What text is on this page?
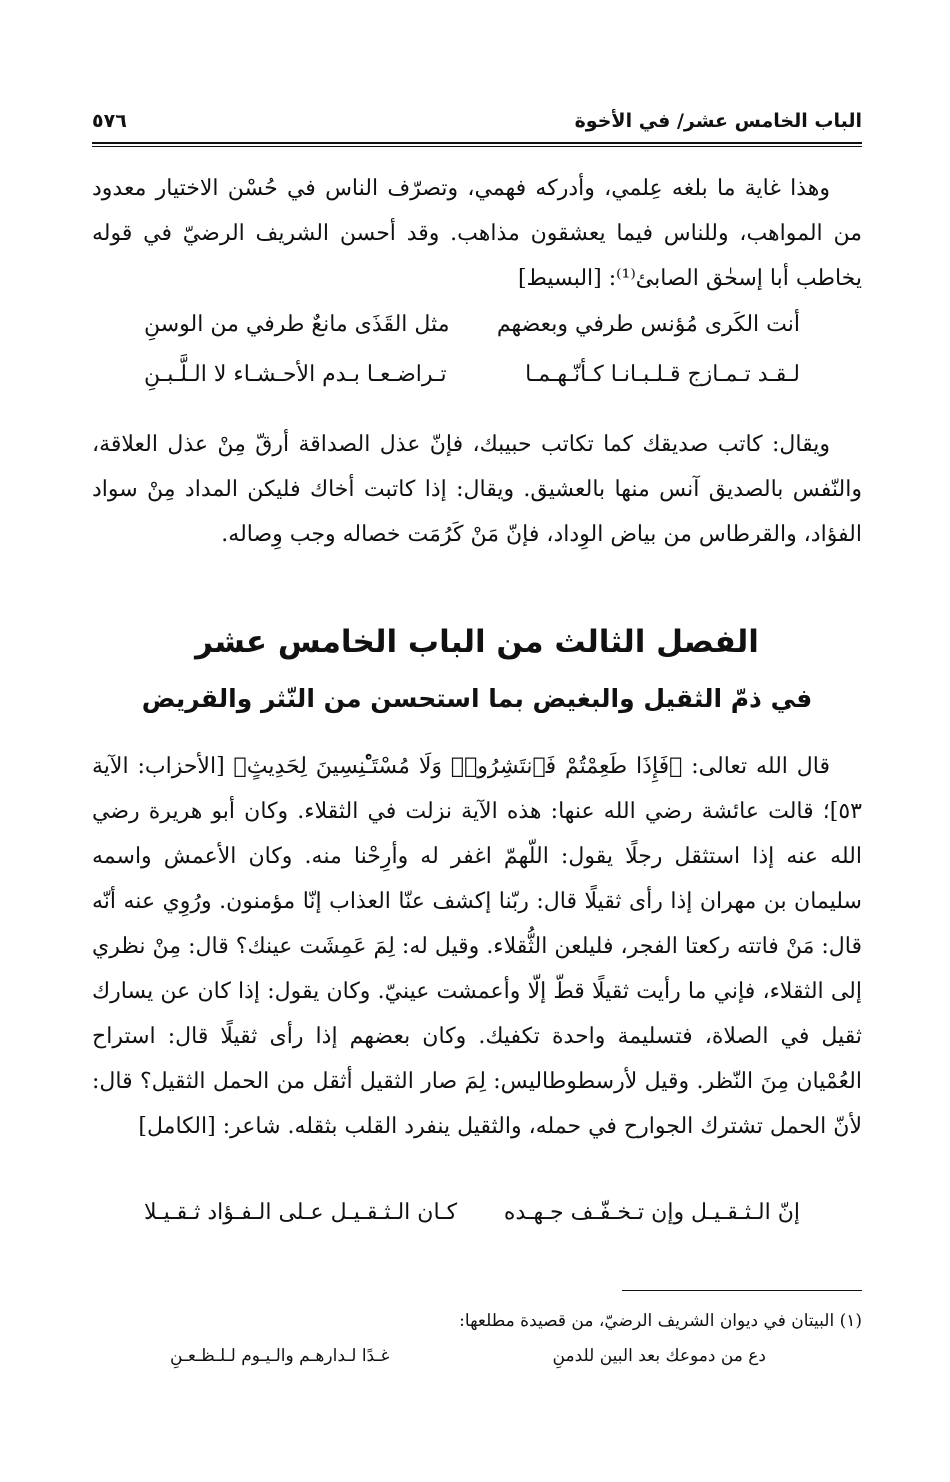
الباب الخامس عشر/ في الأخوة
٥٧٦

وهذا غاية ما بلغه عِلمي، وأدركه فهمي، وتصرّف الناس في حُسْن الاختيار معدود من المواهب، وللناس فيما يعشقون مذاهب. وقد أحسن الشريف الرضيّ في قوله يخاطب أبا إسحٰق الصابئ⁽¹⁾: [البسيط]

أنت الكَرى مُؤنس طرفي وبعضهم
مثل القَذَى مانعٌ طرفي من الوسنِ
لـقـد تـمـازج قـلـبـانـا كـأنّـهـمـا
تـراضـعـا بـدم الأحـشـاء لا الـلَّـبـنِ

ويقال: كاتب صديقك كما تكاتب حبيبك، فإنّ عذل الصداقة أرقّ مِنْ عذل العلاقة، والنّفس بالصديق آنس منها بالعشيق. ويقال: إذا كاتبت أخاك فليكن المداد مِنْ سواد الفؤاد، والقرطاس من بياض الوِداد، فإنّ مَنْ كَرُمَت خصاله وجب وِصاله.

الفصل الثالث من الباب الخامس عشر
في ذمّ الثقيل والبغيض بما استحسن من النّثر والقريض

قال الله تعالى: ﴿فَإِذَا طَعِمْتُمْ فَٱنتَشِرُوا۟ وَلَا مُسْتَـْٔنِسِينَ لِحَدِيثٍ﴾ [الأحزاب: الآية ٥٣]؛ قالت عائشة رضي الله عنها: هذه الآية نزلت في الثقلاء. وكان أبو هريرة رضي الله عنه إذا استثقل رجلًا يقول: اللّهمّ اغفر له وأرِحْنا منه. وكان الأعمش واسمه سليمان بن مهران إذا رأى ثقيلًا قال: ربّنا إكشف عنّا العذاب إنّا مؤمنون. ورُوِي عنه أنّه قال: مَنْ فاتته ركعتا الفجر، فليلعن الثُّقلاء. وقيل له: لِمَ عَمِشَت عينك؟ قال: مِنْ نظري إلى الثقلاء، فإني ما رأيت ثقيلًا قطّ إلّا وأعمشت عينيّ. وكان يقول: إذا كان عن يسارك ثقيل في الصلاة، فتسليمة واحدة تكفيك. وكان بعضهم إذا رأى ثقيلًا قال: استراح العُمْيان مِنَ النّظر. وقيل لأرسطوطاليس: لِمَ صار الثقيل أثقل من الحمل الثقيل؟ قال: لأنّ الحمل تشترك الجوارح في حمله، والثقيل ينفرد القلب بثقله. شاعر: [الكامل]

إنّ الـثـقـيـل وإن تـخـفّـف جـهـده
كـان الـثـقـيـل عـلى الـفـؤاد ثـقـيـلا
(١) البيتان في ديوان الشريف الرضيّ، من قصيدة مطلعها:
دع من دموعك بعد البين للدمنِ
غـدًا لـدارهـم والـيـوم لـلـظـعـنِ
